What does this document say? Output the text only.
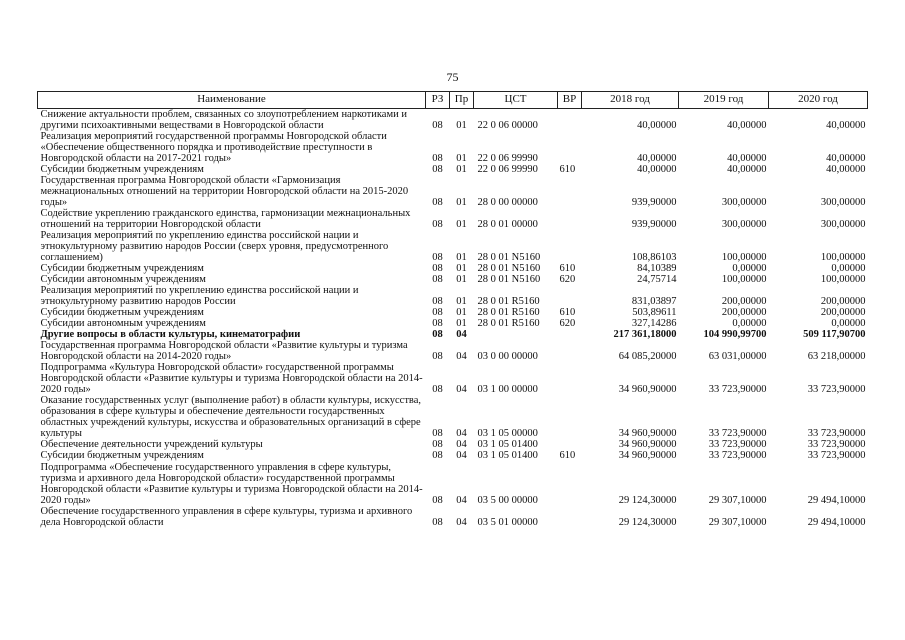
75
Наименование	РЗ	Пр	ЦСТ	ВР	2018 год	2019 год	2020 год
Снижение актуальности проблем, связанных со злоупотреблением наркотиками и другими психоактивными веществами в Новгородской области	08	01	22 0 06 00000		40,00000	40,00000	40,00000
Реализация мероприятий государственной программы Новгородской области «Обеспечение общественного порядка и противодействие преступности в Новгородской области на 2017-2021 годы»	08	01	22 0 06 99990		40,00000	40,00000	40,00000
Субсидии бюджетным учреждениям	08	01	22 0 06 99990	610	40,00000	40,00000	40,00000
Государственная программа Новгородской области «Гармонизация межнациональных отношений на территории Новгородской области на 2015-2020 годы»	08	01	28 0 00 00000		939,90000	300,00000	300,00000
Содействие укреплению гражданского единства, гармонизации межнациональных отношений на территории Новгородской области	08	01	28 0 01 00000		939,90000	300,00000	300,00000
Реализация мероприятий по укреплению единства российской нации и этнокультурному развитию народов России (сверх уровня, предусмотренного соглашением)	08	01	28 0 01 N5160		108,86103	100,00000	100,00000
Субсидии бюджетным учреждениям	08	01	28 0 01 N5160	610	84,10389	0,00000	0,00000
Субсидии автономным учреждениям	08	01	28 0 01 N5160	620	24,75714	100,00000	100,00000
Реализация мероприятий по укреплению единства российской нации и этнокультурному развитию народов России	08	01	28 0 01 R5160		831,03897	200,00000	200,00000
Субсидии бюджетным учреждениям	08	01	28 0 01 R5160	610	503,89611	200,00000	200,00000
Субсидии автономным учреждениям	08	01	28 0 01 R5160	620	327,14286	0,00000	0,00000
Другие вопросы в области культуры, кинематографии	08	04			217 361,18000	104 990,99700	509 117,90700
Государственная программа Новгородской области «Развитие культуры и туризма Новгородской области на 2014-2020 годы»	08	04	03 0 00 00000		64 085,20000	63 031,00000	63 218,00000
Подпрограмма «Культура Новгородской области» государственной программы Новгородской области «Развитие культуры и туризма Новгородской области на 2014-2020 годы»	08	04	03 1 00 00000		34 960,90000	33 723,90000	33 723,90000
Оказание государственных услуг (выполнение работ) в области культуры, искусства, образования в сфере культуры и обеспечение деятельности государственных областных учреждений культуры, искусства и образовательных организаций в сфере культуры	08	04	03 1 05 00000		34 960,90000	33 723,90000	33 723,90000
Обеспечение деятельности учреждений культуры	08	04	03 1 05 01400		34 960,90000	33 723,90000	33 723,90000
Субсидии бюджетным учреждениям	08	04	03 1 05 01400	610	34 960,90000	33 723,90000	33 723,90000
Подпрограмма «Обеспечение государственного управления в сфере культуры, туризма и архивного дела Новгородской области» государственной программы Новгородской области «Развитие культуры и туризма Новгородской области на 2014-2020 годы»	08	04	03 5 00 00000		29 124,30000	29 307,10000	29 494,10000
Обеспечение государственного управления в сфере культуры, туризма и архивного дела Новгородской области	08	04	03 5 01 00000		29 124,30000	29 307,10000	29 494,10000
